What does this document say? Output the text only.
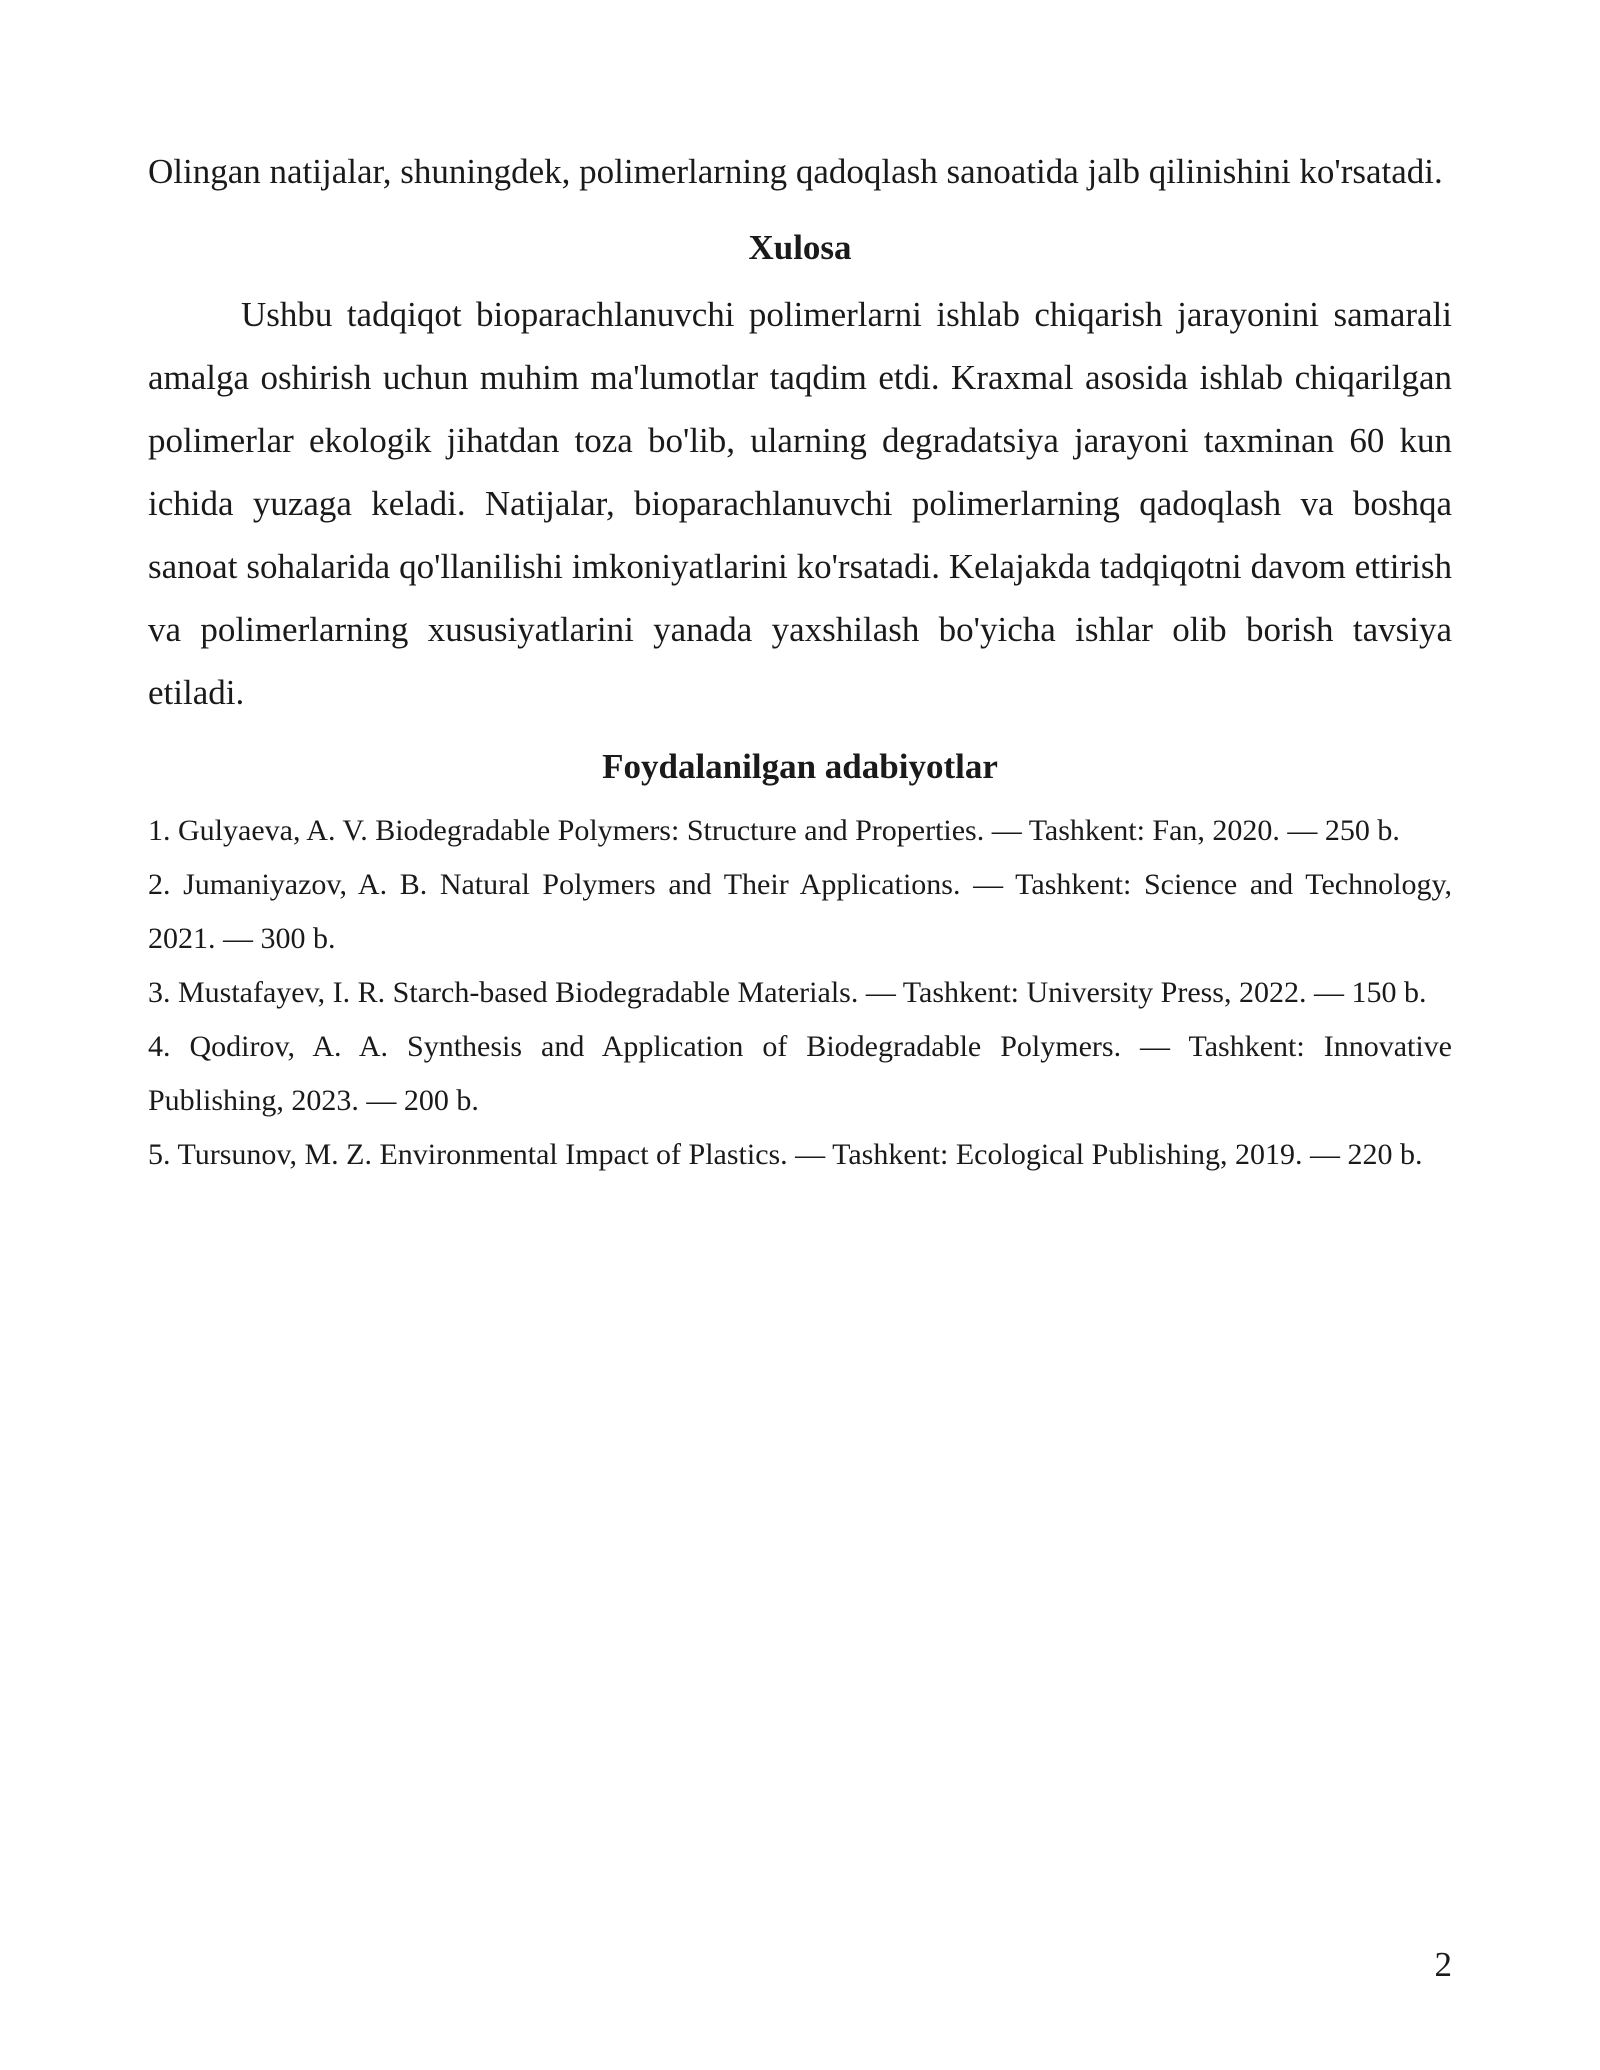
Olingan natijalar, shuningdek, polimerlarning qadoqlash sanoatida jalb qilinishini ko'rsatadi.

Xulosa

Ushbu tadqiqot bioparachlanuvchi polimerlarni ishlab chiqarish jarayonini samarali amalga oshirish uchun muhim ma'lumotlar taqdim etdi. Kraxmal asosida ishlab chiqarilgan polimerlar ekologik jihatdan toza bo'lib, ularning degradatsiya jarayoni taxminan 60 kun ichida yuzaga keladi. Natijalar, bioparachlanuvchi polimerlarning qadoqlash va boshqa sanoat sohalarida qo'llanilishi imkoniyatlarini ko'rsatadi. Kelajakda tadqiqotni davom ettirish va polimerlarning xususiyatlarini yanada yaxshilash bo'yicha ishlar olib borish tavsiya etiladi.

Foydalanilgan adabiyotlar
1. Gulyaeva, A. V. Biodegradable Polymers: Structure and Properties. — Tashkent: Fan, 2020. — 250 b.
2. Jumaniyazov, A. B. Natural Polymers and Their Applications. — Tashkent: Science and Technology, 2021. — 300 b.
3. Mustafayev, I. R. Starch-based Biodegradable Materials. — Tashkent: University Press, 2022. — 150 b.
4. Qodirov, A. A. Synthesis and Application of Biodegradable Polymers. — Tashkent: Innovative Publishing, 2023. — 200 b.
5. Tursunov, M. Z. Environmental Impact of Plastics. — Tashkent: Ecological Publishing, 2019. — 220 b.
2
